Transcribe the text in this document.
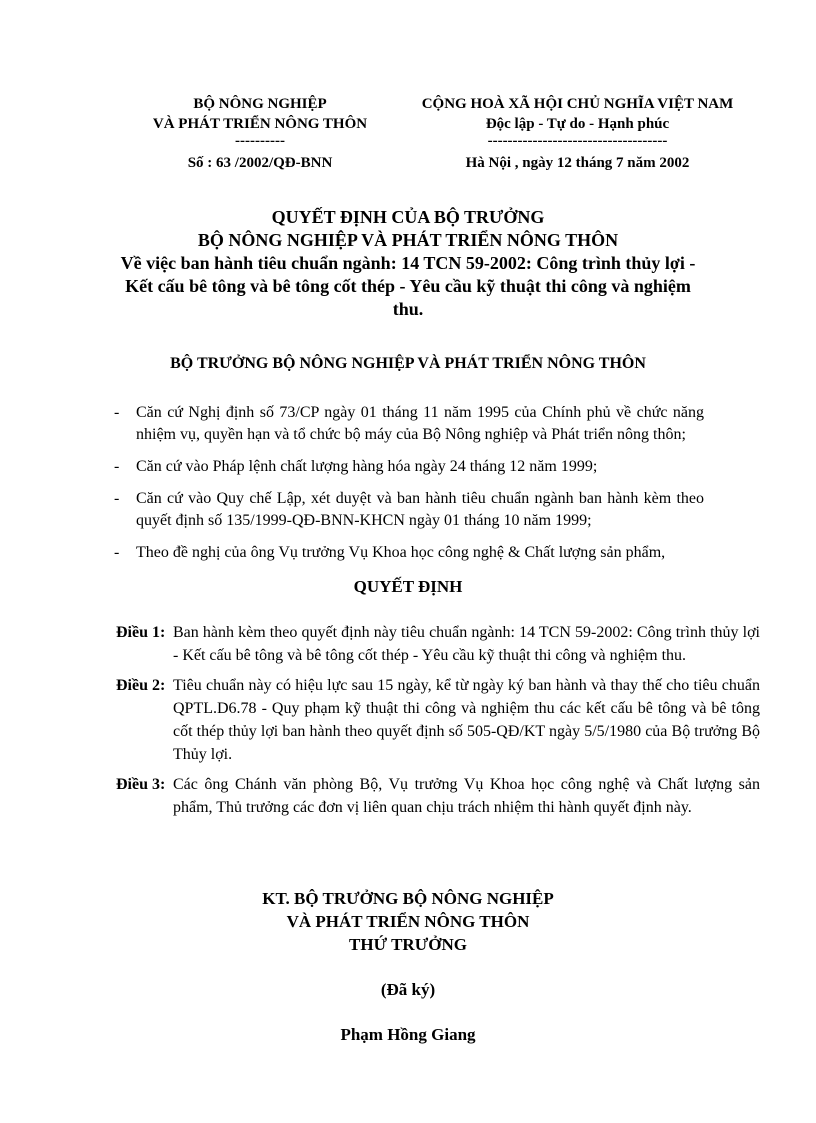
BỘ NÔNG NGHIỆP
VÀ PHÁT TRIỂN NÔNG THÔN
----------
Số : 63 /2002/QĐ-BNN
CỘNG HOÀ XÃ HỘI CHỦ NGHĨA VIỆT NAM
Độc lập - Tự do - Hạnh phúc
------------------------------------
Hà Nội , ngày 12 tháng 7 năm 2002
QUYẾT ĐỊNH CỦA BỘ TRƯỞNG
BỘ NÔNG NGHIỆP VÀ PHÁT TRIỂN NÔNG THÔN
Về việc ban hành tiêu chuẩn ngành: 14 TCN 59-2002: Công trình thủy lợi - Kết cấu bê tông và bê tông cốt thép - Yêu cầu kỹ thuật thi công và nghiệm thu.
BỘ TRƯỞNG BỘ NÔNG NGHIỆP VÀ PHÁT TRIỂN NÔNG THÔN
- Căn cứ Nghị định số 73/CP ngày 01 tháng 11 năm 1995 của Chính phủ về chức năng nhiệm vụ, quyền hạn và tổ chức bộ máy của Bộ Nông nghiệp và Phát triển nông thôn;
- Căn cứ vào Pháp lệnh chất lượng hàng hóa ngày 24 tháng 12 năm 1999;
- Căn cứ vào Quy chế Lập, xét duyệt và ban hành tiêu chuẩn ngành ban hành kèm theo quyết định số 135/1999-QĐ-BNN-KHCN ngày 01 tháng 10 năm 1999;
- Theo đề nghị của ông Vụ trưởng Vụ Khoa học công nghệ & Chất lượng sản phẩm,
QUYẾT ĐỊNH
Điều 1: Ban hành kèm theo quyết định này tiêu chuẩn ngành: 14 TCN 59-2002: Công trình thủy lợi - Kết cấu bê tông và bê tông cốt thép - Yêu cầu kỹ thuật thi công và nghiệm thu.
Điều 2: Tiêu chuẩn này có hiệu lực sau 15 ngày, kể từ ngày ký ban hành và thay thế cho tiêu chuẩn QPTL.D6.78 - Quy phạm kỹ thuật thi công và nghiệm thu các kết cấu bê tông và bê tông cốt thép thủy lợi ban hành theo quyết định số 505-QĐ/KT ngày 5/5/1980 của Bộ trưởng Bộ Thủy lợi.
Điều 3: Các ông Chánh văn phòng Bộ, Vụ trưởng Vụ Khoa học công nghệ và Chất lượng sản phẩm, Thủ trưởng các đơn vị liên quan chịu trách nhiệm thi hành quyết định này.
KT. BỘ TRƯỞNG BỘ NÔNG NGHIỆP
VÀ PHÁT TRIỂN NÔNG THÔN
THỨ TRƯỞNG
(Đã ký)
Phạm Hồng Giang
